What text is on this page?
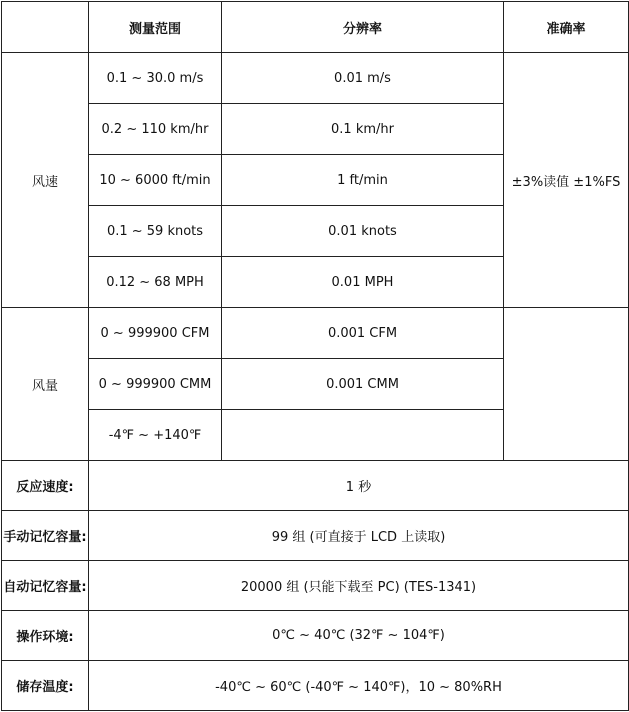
	测量范围	分辨率	准确率
风速	0.1 ~ 30.0 m/s	0.01 m/s	±3%读值 ±1%FS
	0.2 ~ 110 km/hr	0.1 km/hr	
	10 ~ 6000 ft/min	1 ft/min	
	0.1 ~ 59 knots	0.01 knots	
	0.12 ~ 68 MPH	0.01 MPH	
风量	0 ~ 999900 CFM	0.001 CFM	
	0 ~ 999900 CMM	0.001 CMM	
	-4℉ ~ +140℉		
反应速度:	1 秒		
手动记忆容量:	99 组 (可直接于 LCD 上读取)		
自动记忆容量:	20000 组 (只能下载至 PC) (TES-1341)		
操作环境:	0℃ ~ 40℃ (32℉ ~ 104℉)		
储存温度:	-40℃ ~ 60℃ (-40℉ ~ 140℉)，10 ~ 80%RH		
